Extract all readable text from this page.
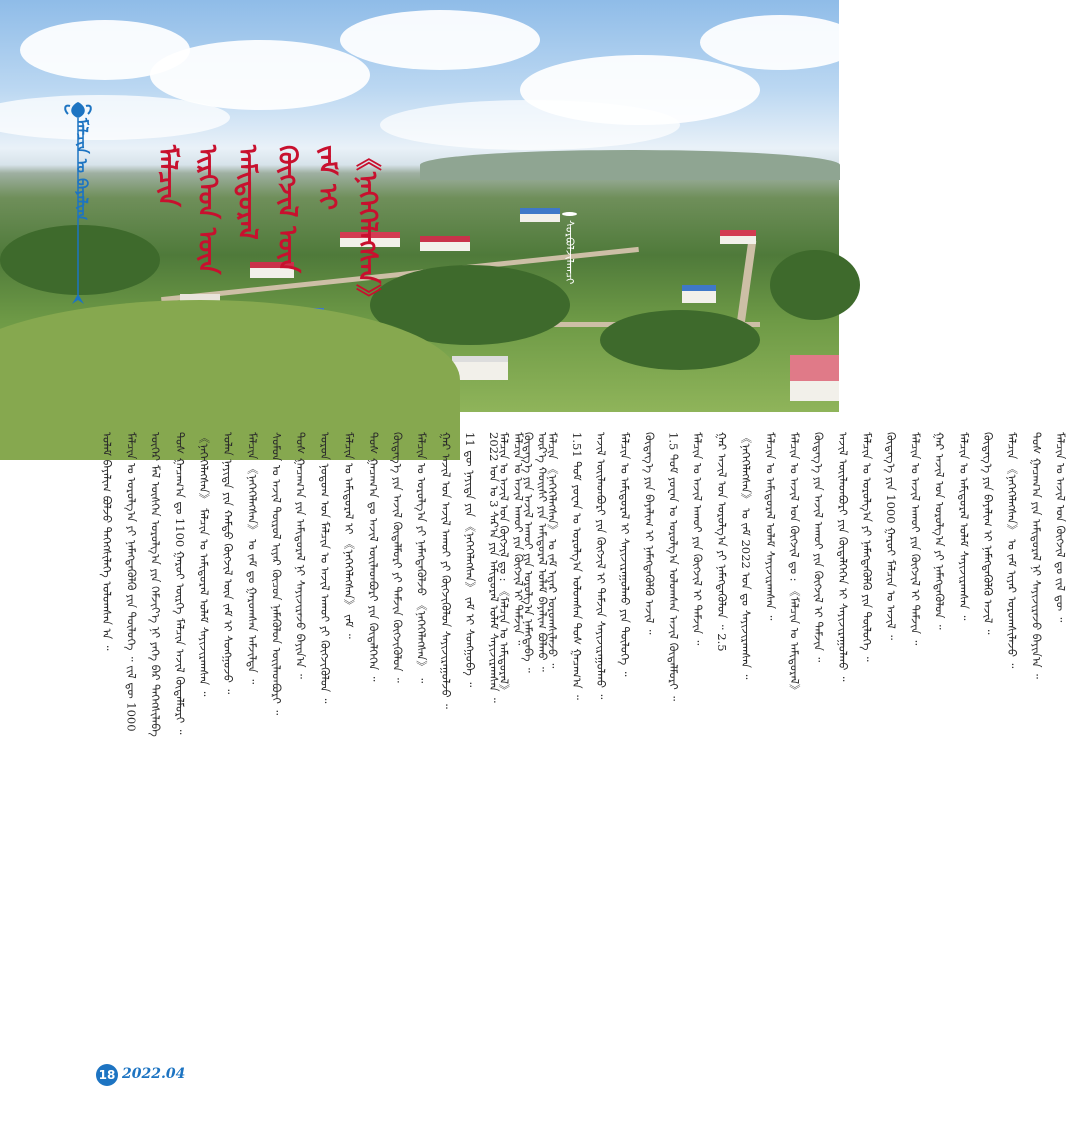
ᠮᠠᠯᠴᠢᠨ ᠤ ᠪᠠᠶᠠᠯᠢᠭ ᠮᠠᠯᠴᠢᠨ ᠢᠷᠭᠡᠳ ᠦᠨ ᠠᠮᠢᠳᠤᠷᠠᠯ ᠬᠥᠭᠵᠢᠯ ᠦᠨ ᠵᠠᠮ ᠢ 《ᠨᠡᠭᠡᠭᠡᠯᠡᠭᠰᠡᠨ》	ᠰᠤᠷᠪᠤᠯᠵᠢᠯᠠᠭᠴᠢ
ᠤᠯᠠᠮ ᠪᠠᠶᠠᠯᠢᠭ ᠪᠣᠯᠵᠤ ᠳᠡᠭᠡᠭᠰᠢᠯᠡᠭᠡ ᠣᠯᠤᠭᠰᠠᠨ ᠠ ᠃ ᠮᠠᠯᠴᠢᠨ ᠤ ᠣᠷᠣᠯᠭ᠎ᠠ ᠶᠢ ᠨᠡᠮᠡᠭᠳᠡᠭᠦᠯᠬᠦ ᠶᠢᠨ ᠲᠥᠯᠥᠭᠡ ᠃ ᠵᠢᠯ ᠳᠦ 1000 ᠦᠬᠡᠷ ᠮᠠᠯ ᠥᠰᠬᠡᠨ ᠣᠷᠣᠯᠭ᠎ᠠ ᠶᠢᠨ ᠬᠡᠮᠵᠢᠶ᠎ᠡ ᠨᠢ ᠶᠡᠬᠡ ᠪᠠᠷ ᠳᠡᠭᠡᠭᠰᠢᠯᠡᠪᠡ ᠲᠤᠰ ᠭᠠᠴᠠᠭ᠎ᠠ ᠳᠤ 1100 ᠭᠠᠷᠤᠢ ᠥᠷᠬᠡ ᠮᠠᠯᠴᠢᠨ ᠠᠵᠢᠯ ᠬᠥᠳᠡᠯᠮᠦᠷᠢ ᠃ 《ᠨᠡᠭᠡᠭᠡᠯᠡᠭᠰᠡᠨ》 ᠮᠠᠯᠴᠢᠨ ᠤ ᠠᠮᠢᠳᠤᠷᠠᠯ ᠤᠯᠠᠮ ᠰᠠᠶᠢᠵᠢᠷᠠᠭᠰᠠᠨ ᠃ ᠣᠯᠠᠨ ᠨᠡᠶᠢᠲᠡ ᠶᠢᠨ ᠬᠠᠮᠲᠤ ᠬᠥᠭᠵᠢᠯ ᠦᠨ ᠵᠠᠮ ᠢ ᠰᠣᠩᠭᠣᠵᠤ ᠃ ᠮᠠᠯᠴᠢᠨ 《ᠨᠡᠭᠡᠭᠡᠯᠡᠭᠰᠡᠨ》 ᠤ ᠵᠠᠮ ᠳᠤ ᠭᠠᠷᠤᠭᠰᠠᠨ ᠠᠮᠵᠢᠯᠲᠠ ᠃ ᠰᠤᠮᠤᠨ ᠤ ᠠᠵᠢᠯ ᠲᠥᠷᠥᠯ ᠢᠶᠡᠷ ᠬᠦᠴᠦᠨ ᠨᠡᠮᠡᠭᠦᠯᠦᠨ ᠦᠢᠯᠡᠳᠪᠦᠷᠢ ᠃ ᠲᠤᠰ ᠭᠠᠴᠠᠭ᠎ᠠ ᠶᠢᠨ ᠠᠮᠢᠳᠤᠷᠠᠯ ᠨᠢ ᠰᠠᠶᠢᠵᠢᠷᠠᠵᠤ ᠪᠠᠶᠢᠨ᠎ᠠ ᠃ ᠣᠷᠣᠨ ᠨᠤᠲᠤᠭ ᠤᠨ ᠮᠠᠯᠴᠢᠨ ᠤ ᠠᠵᠢᠯ ᠠᠬᠤᠢ ᠶᠢ ᠬᠥᠭᠵᠢᠭᠦᠯᠦᠨ ᠃ ᠮᠠᠯᠴᠢᠨ ᠤ ᠠᠮᠢᠳᠤᠷᠠᠯ ᠢ 《ᠨᠡᠭᠡᠭᠡᠯᠡᠭᠰᠡᠨ》 ᠵᠠᠮ ᠃ ᠲᠤᠰ ᠭᠠᠴᠠᠭ᠎ᠠ ᠳᠤ ᠠᠵᠢᠯ ᠦᠢᠯᠡᠳᠪᠦᠷᠢ ᠶᠢᠨ ᠬᠥᠳᠡᠯᠭᠡᠭᠡᠨ ᠃ ᠬᠥᠳᠡᠭ᠎ᠡ ᠶᠢᠨ ᠠᠵᠢᠯ ᠬᠥᠳᠡᠯᠮᠦᠷᠢ ᠶᠢ ᠳᠡᠮᠵᠢᠨ ᠬᠥᠭᠵᠢᠭᠦᠯᠦᠨ ᠃ ᠮᠠᠯᠴᠢᠨ ᠤ ᠣᠷᠣᠯᠭ᠎ᠠ ᠶᠢ ᠨᠡᠮᠡᠭᠳᠡᠭᠦᠯᠵᠦ 《ᠨᠡᠭᠡᠭᠡᠯᠡᠭᠰᠡᠨ》 ᠃ ᠭᠠᠷ ᠠᠵᠢᠯ ᠤᠨ ᠠᠵᠢᠯ ᠠᠬᠤᠢ ᠶᠢ ᠬᠥᠭᠵᠢᠭᠦᠯᠦᠨ ᠰᠠᠶᠢᠵᠢᠷᠠᠭᠤᠯᠵᠤ ᠃ 11 ᠳᠦ ᠨᠡᠶᠢᠲᠡ ᠶᠢᠨ 《ᠨᠡᠭᠡᠭᠡᠯᠡᠭᠰᠡᠨ》 ᠵᠠᠮ ᠢ ᠰᠣᠩᠭᠣᠪᠠ ᠃ 2022 ᠣᠨ ᠤ 3 ᠰᠠᠷ᠎ᠠ ᠶᠢᠨ ᠠᠮᠢᠳᠤᠷᠠᠯ ᠤᠯᠠᠮ ᠰᠠᠶᠢᠵᠢᠷᠠᠭᠰᠠᠨ ᠃ ᠮᠠᠯᠴᠢᠨ ᠤ ᠠᠵᠢᠯ ᠠᠬᠤᠢ ᠶᠢᠨ ᠬᠥᠭᠵᠢᠯ ᠢ ᠳᠡᠮᠵᠢᠨ ᠃ ᠦᠷ᠎ᠡ ᠬᠣᠢᠰᠢ ᠶᠢᠨ ᠠᠮᠢᠳᠤᠷᠠᠯ ᠤᠯᠠᠮ ᠪᠠᠶᠠᠯᠢᠭ ᠪᠣᠯᠬᠤ ᠃
ᠮᠠᠯᠴᠢᠨ ᠤ ᠠᠵᠢᠯ ᠤᠨ ᠬᠥᠭᠵᠢᠯ ᠳᠤ : 《ᠮᠠᠯᠴᠢᠨ ᠤ ᠠᠮᠢᠳᠤᠷᠠᠯ》 ᠬᠥᠳᠡᠭ᠎ᠡ ᠶᠢᠨ ᠠᠵᠢᠯ ᠠᠬᠤᠢ ᠶᠢᠨ ᠣᠷᠣᠯᠭ᠎ᠠ ᠨᠡᠮᠡᠭᠳᠡᠪᠡ ᠃ ᠮᠠᠯᠴᠢᠨ 《ᠨᠡᠭᠡᠭᠡᠯᠡᠭᠰᠡᠨ》 ᠤ ᠵᠠᠮ ᠢᠶᠡᠷ ᠤᠷᠤᠭᠰᠢᠯᠠᠵᠤ ᠃ 1.51 ᠲᠤᠮ ᠶᠤᠸᠠᠨ ᠤ ᠣᠷᠣᠯᠭ᠎ᠠ ᠣᠯᠤᠭᠰᠠᠨ ᠲᠤᠰ ᠭᠠᠴᠠᠭ᠎ᠠ ᠃ ᠠᠵᠢᠯ ᠦᠢᠯᠡᠳᠪᠦᠷᠢ ᠶᠢᠨ ᠬᠥᠭᠵᠢᠯ ᠢ ᠳᠡᠮᠵᠢᠨ ᠰᠠᠶᠢᠵᠢᠷᠠᠭᠤᠯᠬᠤ ᠃ ᠮᠠᠯᠴᠢᠨ ᠤ ᠠᠮᠢᠳᠤᠷᠠᠯ ᠢ ᠰᠠᠶᠢᠵᠢᠷᠠᠭᠤᠯᠬᠤ ᠶᠢᠨ ᠲᠥᠯᠥᠭᠡ ᠃ ᠬᠥᠳᠡᠭ᠎ᠡ ᠶᠢᠨ ᠪᠠᠶᠠᠯᠢᠭ ᠢ ᠨᠡᠮᠡᠭᠳᠡᠭᠦᠯᠬᠦ ᠠᠵᠢᠯ ᠃ 1.5 ᠲᠤᠮ ᠶᠤᠸᠠᠨ ᠤ ᠣᠷᠣᠯᠭ᠎ᠠ ᠣᠯᠤᠭᠰᠠᠨ ᠠᠵᠢᠯ ᠬᠥᠳᠡᠯᠮᠦᠷᠢ ᠃ ᠮᠠᠯᠴᠢᠨ ᠤ ᠠᠵᠢᠯ ᠠᠬᠤᠢ ᠶᠢᠨ ᠬᠥᠭᠵᠢᠯ ᠢ ᠳᠡᠮᠵᠢᠨ ᠃ ᠭᠠᠷ ᠠᠵᠢᠯ ᠤᠨ ᠣᠷᠣᠯᠭ᠎ᠠ ᠶᠢ ᠨᠡᠮᠡᠭᠳᠡᠭᠦᠯᠦᠨ ᠃ 2.5 《ᠨᠡᠭᠡᠭᠡᠯᠡᠭᠰᠡᠨ》 ᠤ ᠵᠠᠮ 2022 ᠣᠨ ᠳᠤ ᠰᠠᠶᠢᠵᠢᠷᠠᠭᠰᠠᠨ ᠃ ᠮᠠᠯᠴᠢᠨ ᠤ ᠠᠮᠢᠳᠤᠷᠠᠯ ᠤᠯᠠᠮ ᠰᠠᠶᠢᠵᠢᠷᠠᠭᠰᠠᠨ ᠃ ᠮᠠᠯᠴᠢᠨ ᠤ ᠠᠵᠢᠯ ᠤᠨ ᠬᠥᠭᠵᠢᠯ ᠳᠤ : 《ᠮᠠᠯᠴᠢᠨ ᠤ ᠠᠮᠢᠳᠤᠷᠠᠯ》 ᠬᠥᠳᠡᠭ᠎ᠡ ᠶᠢᠨ ᠠᠵᠢᠯ ᠠᠬᠤᠢ ᠶᠢᠨ ᠬᠥᠭᠵᠢᠯ ᠢ ᠳᠡᠮᠵᠢᠨ ᠃ ᠠᠵᠢᠯ ᠦᠢᠯᠡᠳᠪᠦᠷᠢ ᠶᠢᠨ ᠬᠥᠳᠡᠯᠭᠡᠭᠡᠨ ᠢ ᠰᠠᠶᠢᠵᠢᠷᠠᠭᠤᠯᠬᠤ ᠃ ᠮᠠᠯᠴᠢᠨ ᠤ ᠣᠷᠣᠯᠭ᠎ᠠ ᠶᠢ ᠨᠡᠮᠡᠭᠳᠡᠭᠦᠯᠬᠦ ᠶᠢᠨ ᠲᠥᠯᠥᠭᠡ ᠃ ᠬᠥᠳᠡᠭ᠎ᠡ ᠶᠢᠨ 1000 ᠭᠠᠷᠤᠢ ᠮᠠᠯᠴᠢᠨ ᠤ ᠠᠵᠢᠯ ᠃ ᠮᠠᠯᠴᠢᠨ ᠤ ᠠᠵᠢᠯ ᠠᠬᠤᠢ ᠶᠢᠨ ᠬᠥᠭᠵᠢᠯ ᠢ ᠳᠡᠮᠵᠢᠨ ᠃ ᠭᠠᠷ ᠠᠵᠢᠯ ᠤᠨ ᠣᠷᠣᠯᠭ᠎ᠠ ᠶᠢ ᠨᠡᠮᠡᠭᠳᠡᠭᠦᠯᠦᠨ ᠃ ᠮᠠᠯᠴᠢᠨ ᠤ ᠠᠮᠢᠳᠤᠷᠠᠯ ᠤᠯᠠᠮ ᠰᠠᠶᠢᠵᠢᠷᠠᠭᠰᠠᠨ ᠃ ᠬᠥᠳᠡᠭ᠎ᠡ ᠶᠢᠨ ᠪᠠᠶᠠᠯᠢᠭ ᠢ ᠨᠡᠮᠡᠭᠳᠡᠭᠦᠯᠬᠦ ᠠᠵᠢᠯ ᠃ ᠮᠠᠯᠴᠢᠨ 《ᠨᠡᠭᠡᠭᠡᠯᠡᠭᠰᠡᠨ》 ᠤ ᠵᠠᠮ ᠢᠶᠡᠷ ᠤᠷᠤᠭᠰᠢᠯᠠᠵᠤ ᠃ ᠲᠤᠰ ᠭᠠᠴᠠᠭ᠎ᠠ ᠶᠢᠨ ᠠᠮᠢᠳᠤᠷᠠᠯ ᠨᠢ ᠰᠠᠶᠢᠵᠢᠷᠠᠵᠤ ᠪᠠᠶᠢᠨ᠎ᠠ ᠃ ᠮᠠᠯᠴᠢᠨ ᠤ ᠠᠵᠢᠯ ᠤᠨ ᠬᠥᠭᠵᠢᠯ ᠳᠤ ᠵᠢᠯ ᠳᠦ ᠃
18 2022.04
